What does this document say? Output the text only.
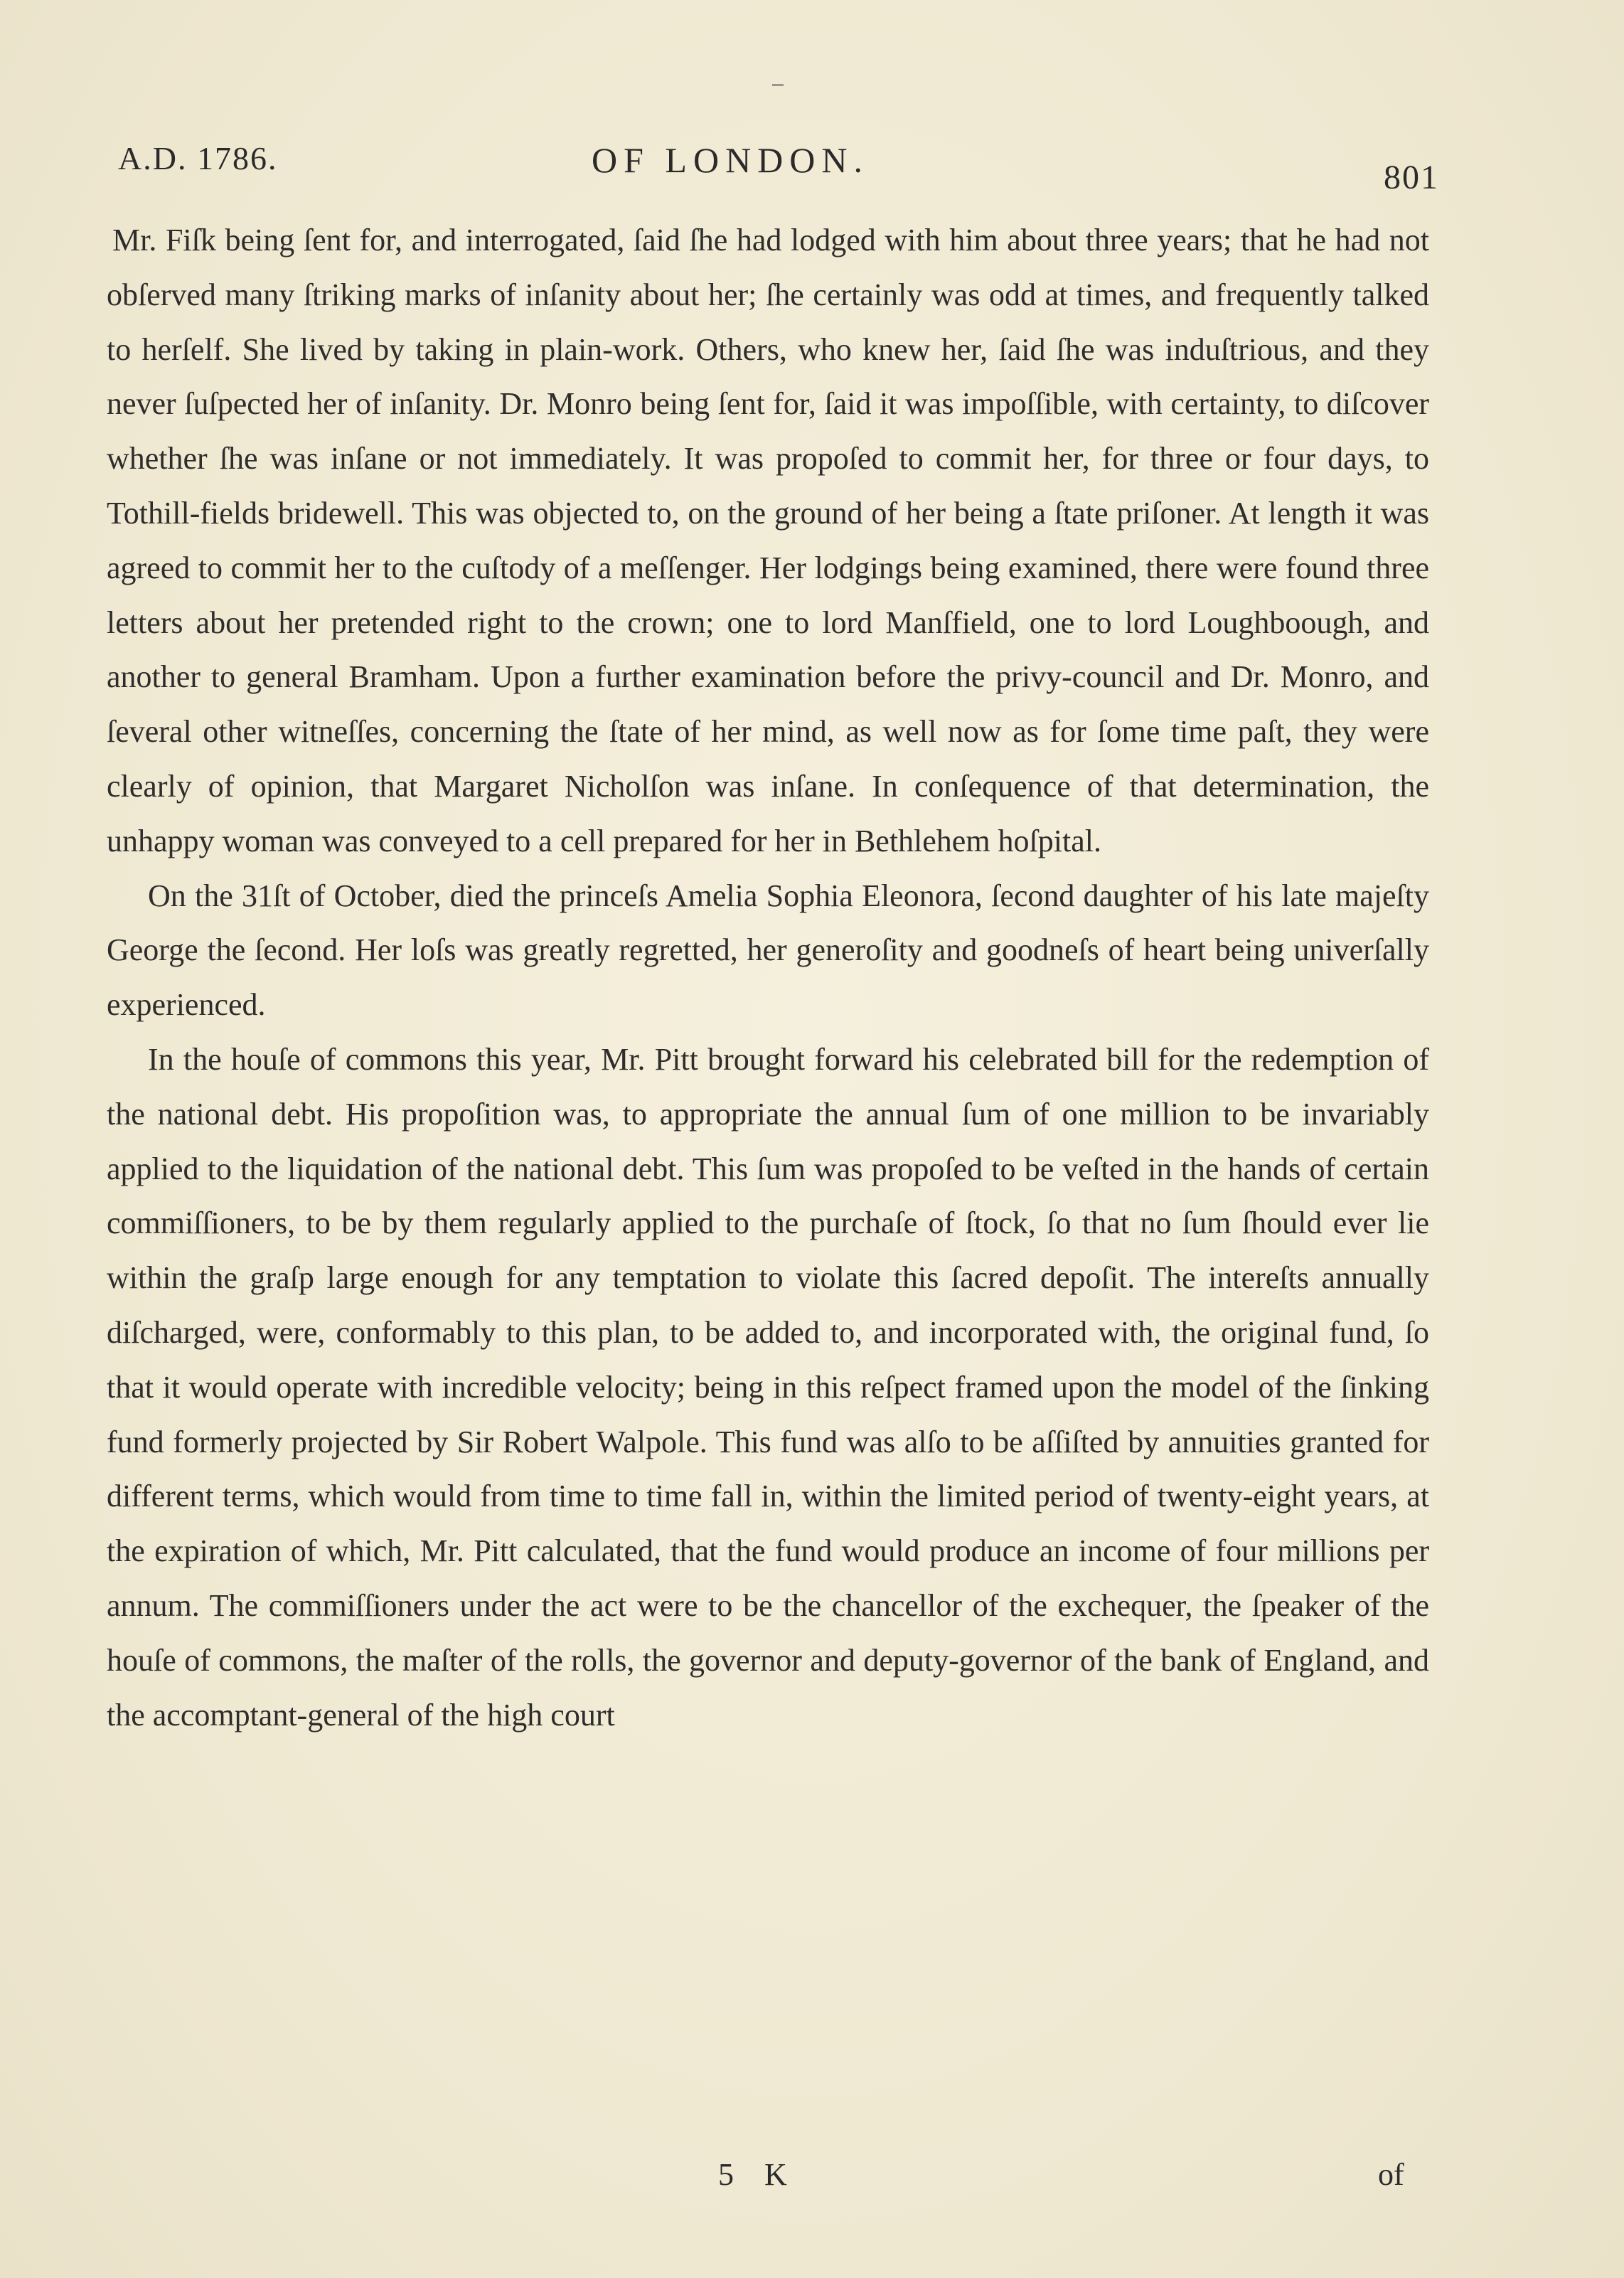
A.D. 1786.	OF LONDON.	801

Mr. Fiſk being ſent for, and interrogated, ſaid ſhe had lodged with him about three years; that he had not obſerved many ſtriking marks of inſanity about her; ſhe certainly was odd at times, and frequently talked to herſelf. She lived by taking in plain-work. Others, who knew her, ſaid ſhe was induſtrious, and they never ſuſpected her of inſanity. Dr. Monro being ſent for, ſaid it was impoſſible, with certainty, to diſcover whether ſhe was inſane or not immediately. It was propoſed to commit her, for three or four days, to Tothill-fields bridewell. This was objected to, on the ground of her being a ſtate priſoner. At length it was agreed to commit her to the cuſtody of a meſſenger. Her lodgings being examined, there were found three letters about her pretended right to the crown; one to lord Manſfield, one to lord Loughboough, and another to general Bramham. Upon a further examination before the privy-council and Dr. Monro, and ſeveral other witneſſes, concerning the ſtate of her mind, as well now as for ſome time paſt, they were clearly of opinion, that Margaret Nicholſon was inſane. In conſequence of that determination, the unhappy woman was conveyed to a cell prepared for her in Bethlehem hoſpital.

On the 31ſt of October, died the princeſs Amelia Sophia Eleonora, ſecond daughter of his late majeſty George the ſecond. Her loſs was greatly regretted, her generoſity and goodneſs of heart being univerſally experienced.

In the houſe of commons this year, Mr. Pitt brought forward his celebrated bill for the redemption of the national debt. His propoſition was, to appropriate the annual ſum of one million to be invariably applied to the liquidation of the national debt. This ſum was propoſed to be veſted in the hands of certain commiſſioners, to be by them regularly applied to the purchaſe of ſtock, ſo that no ſum ſhould ever lie within the graſp large enough for any temptation to violate this ſacred depoſit. The intereſts annually diſcharged, were, conformably to this plan, to be added to, and incorporated with, the original fund, ſo that it would operate with incredible velocity; being in this reſpect framed upon the model of the ſinking fund formerly projected by Sir Robert Walpole. This fund was alſo to be aſſiſted by annuities granted for different terms, which would from time to time fall in, within the limited period of twenty-eight years, at the expiration of which, Mr. Pitt calculated, that the fund would produce an income of four millions per annum. The commiſſioners under the act were to be the chancellor of the exchequer, the ſpeaker of the houſe of commons, the maſter of the rolls, the governor and deputy-governor of the bank of England, and the accomptant-general of the high court

5 K	of
